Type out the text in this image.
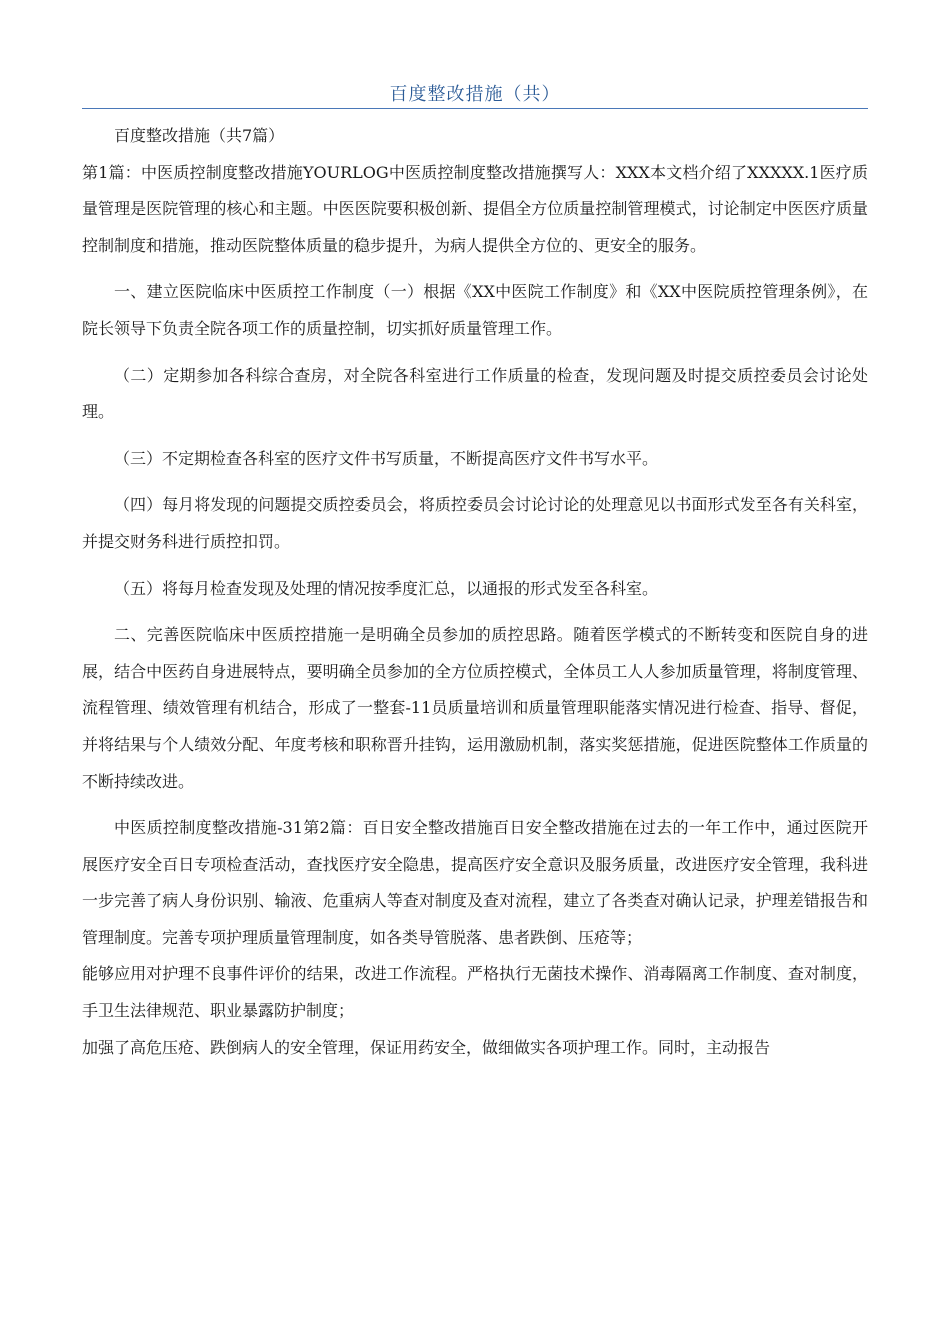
百度整改措施（共）

百度整改措施（共7篇）

第1篇：中医质控制度整改措施YOURLOG中医质控制度整改措施撰写人：XXX本文档介绍了XXXXX.1医疗质量管理是医院管理的核心和主题。中医医院要积极创新、提倡全方位质量控制管理模式，讨论制定中医医疗质量控制制度和措施，推动医院整体质量的稳步提升，为病人提供全方位的、更安全的服务。

一、建立医院临床中医质控工作制度（一）根据《XX中医院工作制度》和《XX中医院质控管理条例》，在院长领导下负责全院各项工作的质量控制，切实抓好质量管理工作。

（二）定期参加各科综合查房，对全院各科室进行工作质量的检查，发现问题及时提交质控委员会讨论处理。

（三）不定期检查各科室的医疗文件书写质量，不断提高医疗文件书写水平。

（四）每月将发现的问题提交质控委员会，将质控委员会讨论讨论的处理意见以书面形式发至各有关科室，并提交财务科进行质控扣罚。

（五）将每月检查发现及处理的情况按季度汇总，以通报的形式发至各科室。

二、完善医院临床中医质控措施一是明确全员参加的质控思路。随着医学模式的不断转变和医院自身的进展，结合中医药自身进展特点，要明确全员参加的全方位质控模式，全体员工人人参加质量管理，将制度管理、流程管理、绩效管理有机结合，形成了一整套-11员质量培训和质量管理职能落实情况进行检查、指导、督促，并将结果与个人绩效分配、年度考核和职称晋升挂钩，运用激励机制，落实奖惩措施，促进医院整体工作质量的不断持续改进。

中医质控制度整改措施-31第2篇：百日安全整改措施百日安全整改措施在过去的一年工作中，通过医院开展医疗安全百日专项检查活动，查找医疗安全隐患，提高医疗安全意识及服务质量，改进医疗安全管理，我科进一步完善了病人身份识别、输液、危重病人等查对制度及查对流程，建立了各类查对确认记录，护理差错报告和管理制度。完善专项护理质量管理制度，如各类导管脱落、患者跌倒、压疮等；

能够应用对护理不良事件评价的结果，改进工作流程。严格执行无菌技术操作、消毒隔离工作制度、查对制度，手卫生法律规范、职业暴露防护制度；

加强了高危压疮、跌倒病人的安全管理，保证用药安全，做细做实各项护理工作。同时，主动报告
